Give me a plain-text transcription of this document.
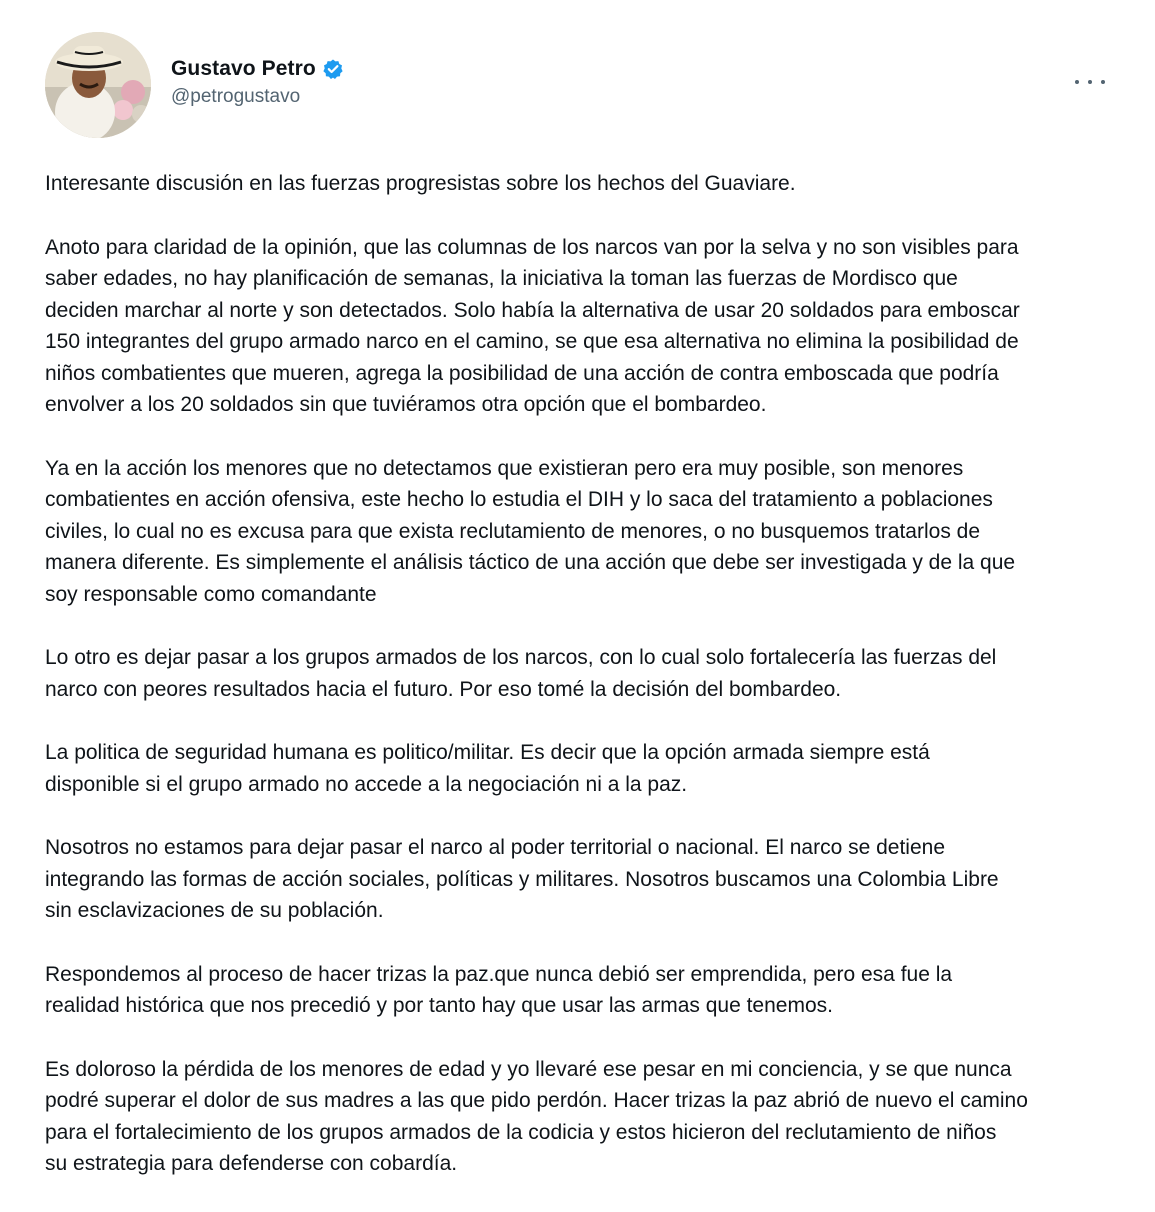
Gustavo Petro
@petrogustavo

Interesante discusión en las fuerzas progresistas sobre los hechos del Guaviare.

Anoto para claridad de la opinión, que las columnas de los narcos van por la selva y no son visibles para
saber edades, no hay planificación de semanas, la iniciativa la toman las fuerzas de Mordisco que
deciden marchar al norte y son detectados. Solo había la alternativa de usar 20 soldados para emboscar
150 integrantes del grupo armado narco en el camino, se que esa alternativa no elimina la posibilidad de
niños combatientes que mueren, agrega la posibilidad de una acción de contra emboscada que podría
envolver a los 20 soldados sin que tuviéramos otra opción que el bombardeo.

Ya en la acción los menores que no detectamos que existieran pero era muy posible, son menores
combatientes en acción ofensiva, este hecho lo estudia el DIH y lo saca del tratamiento a poblaciones
civiles, lo cual no es excusa para que exista reclutamiento de menores, o no busquemos tratarlos de
manera diferente. Es simplemente el análisis táctico de una acción que debe ser investigada y de la que
soy responsable como comandante

Lo otro es dejar pasar a los grupos armados de los narcos, con lo cual solo fortalecería las fuerzas del
narco con peores resultados hacia el futuro. Por eso tomé la decisión del bombardeo.

La politica de seguridad humana es politico/militar. Es decir que la opción armada siempre está
disponible si el grupo armado no accede a la negociación ni a la paz.

Nosotros no estamos para dejar pasar el narco al poder territorial o nacional. El narco se detiene
integrando las formas de acción sociales, políticas y militares. Nosotros buscamos una Colombia Libre
sin esclavizaciones de su población.

Respondemos al proceso de hacer trizas la paz.que nunca debió ser emprendida, pero esa fue la
realidad histórica que nos precedió y por tanto hay que usar las armas que tenemos.

Es doloroso la pérdida de los menores de edad y yo llevaré ese pesar en mi conciencia, y se que nunca
podré superar el dolor de sus madres a las que pido perdón. Hacer trizas la paz abrió de nuevo el camino
para el fortalecimiento de los grupos armados de la codicia y estos hicieron del reclutamiento de niños
su estrategia para defenderse con cobardía.
